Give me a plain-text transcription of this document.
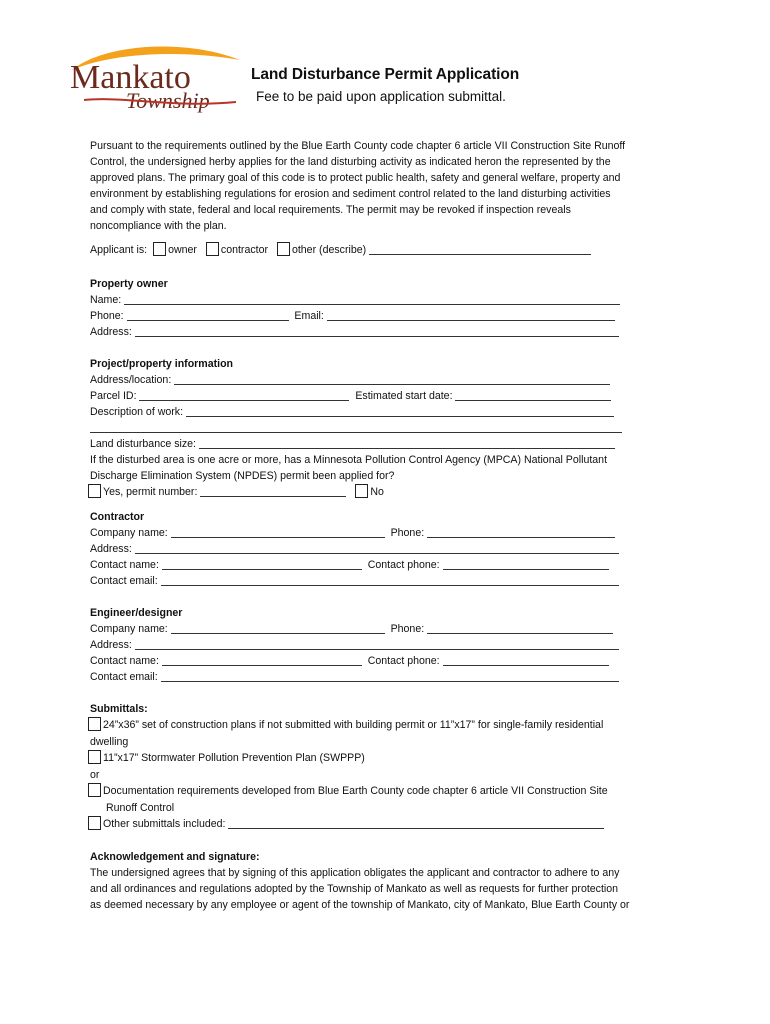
Mankato
Township
Land Disturbance Permit Application
Fee to be paid upon application submittal.
Pursuant to the requirements outlined by the Blue Earth County code chapter 6 article VII Construction Site Runoff
Control, the undersigned herby applies for the land disturbing activity as indicated heron the represented by the
approved plans. The primary goal of this code is to protect public health, safety and general welfare, property and
environment by establishing regulations for erosion and sediment control related to the land disturbing activities
and comply with state, federal and local requirements. The permit may be revoked if inspection reveals
noncompliance with the plan.
Applicant is: owner contractor other (describe)
Property owner
Name:
Phone:	Email:
Address:
Project/property information
Address/location:
Parcel ID:	Estimated start date:
Description of work:
Land disturbance size:
If the disturbed area is one acre or more, has a Minnesota Pollution Control Agency (MPCA) National Pollutant
Discharge Elimination System (NPDES) permit been applied for?
Yes, permit number:	No
Contractor
Company name:	Phone:
Address:
Contact name:	Contact phone:
Contact email:
Engineer/designer
Company name:	Phone:
Address:
Contact name:	Contact phone:
Contact email:
Submittals:
24”x36” set of construction plans if not submitted with building permit or 11”x17” for single-family residential
dwelling
11”x17” Stormwater Pollution Prevention Plan (SWPPP)
or
Documentation requirements developed from Blue Earth County code chapter 6 article VII Construction Site
Runoff Control
Other submittals included:
Acknowledgement and signature:
The undersigned agrees that by signing of this application obligates the applicant and contractor to adhere to any
and all ordinances and regulations adopted by the Township of Mankato as well as requests for further protection
as deemed necessary by any employee or agent of the township of Mankato, city of Mankato, Blue Earth County or
